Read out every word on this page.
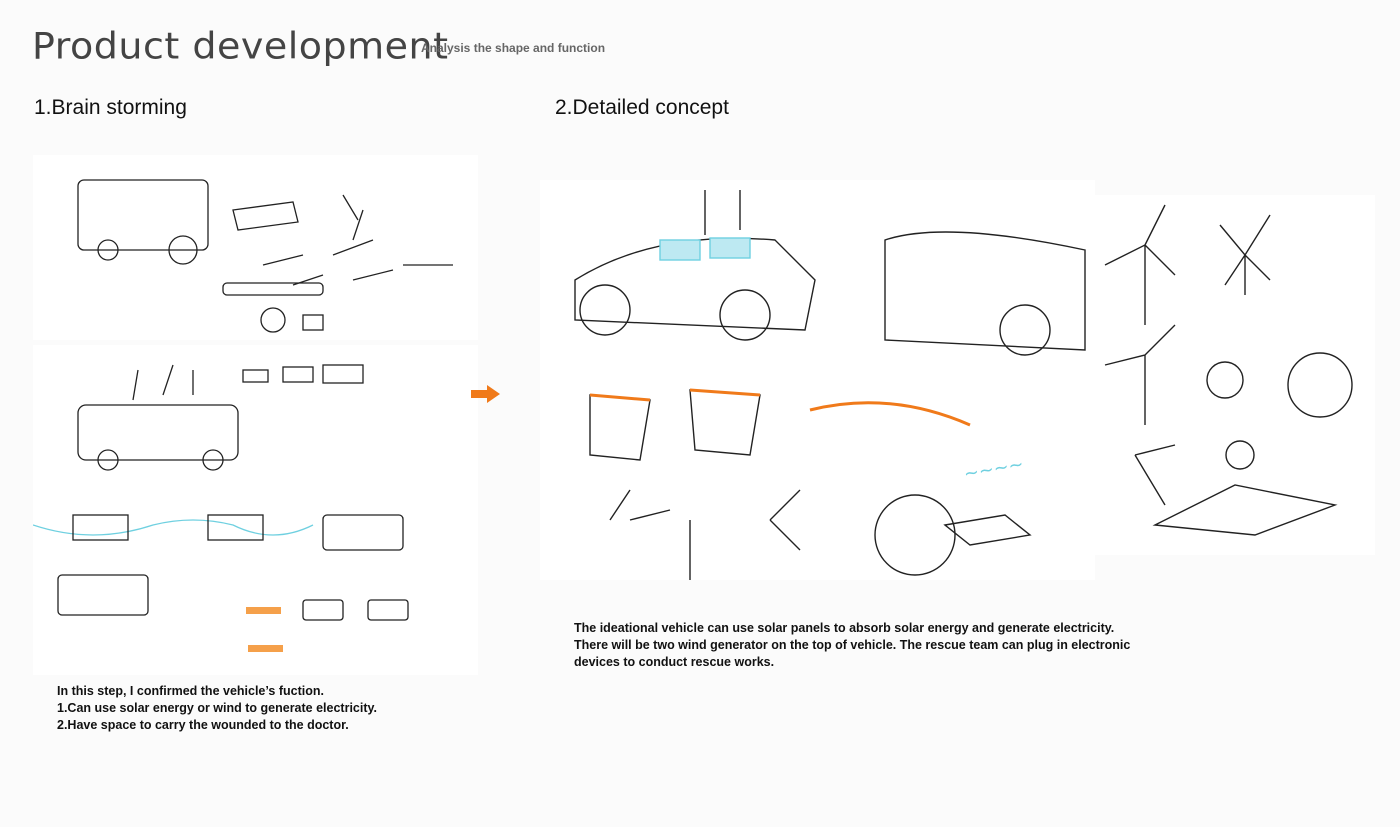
Product development
Analysis the shape and function
1.Brain storming	2.Detailed concept
~~~~
In this step, I confirmed the vehicle’s fuction.
1.Can use solar energy or wind to generate electricity.
2.Have space to carry the wounded to the doctor.
The ideational vehicle can use solar panels to absorb solar energy and generate electricity.
There will be two wind generator on the top of vehicle. The rescue team can plug in electronic
devices to conduct rescue works.
